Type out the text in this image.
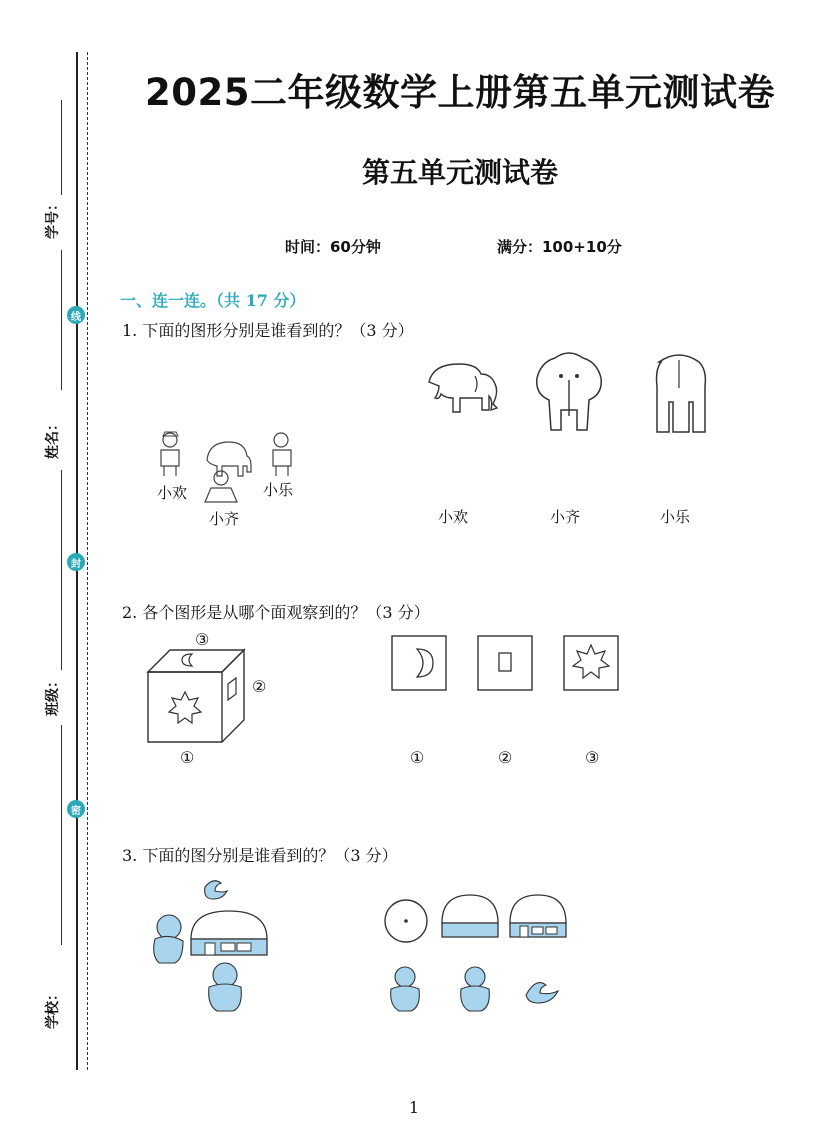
学号：
线
姓名：
封
班级：
密
学校：
2025二年级数学上册第五单元测试卷
第五单元测试卷
时间：60分钟	满分：100+10分
一、连一连。（共 17 分）
1. 下面的图形分别是谁看到的？（3 分）
小欢
小齐
小乐
小欢	小齐	小乐
2. 各个图形是从哪个面观察到的？（3 分）
③
②
①	①	②	③
3. 下面的图分别是谁看到的？（3 分）
1
